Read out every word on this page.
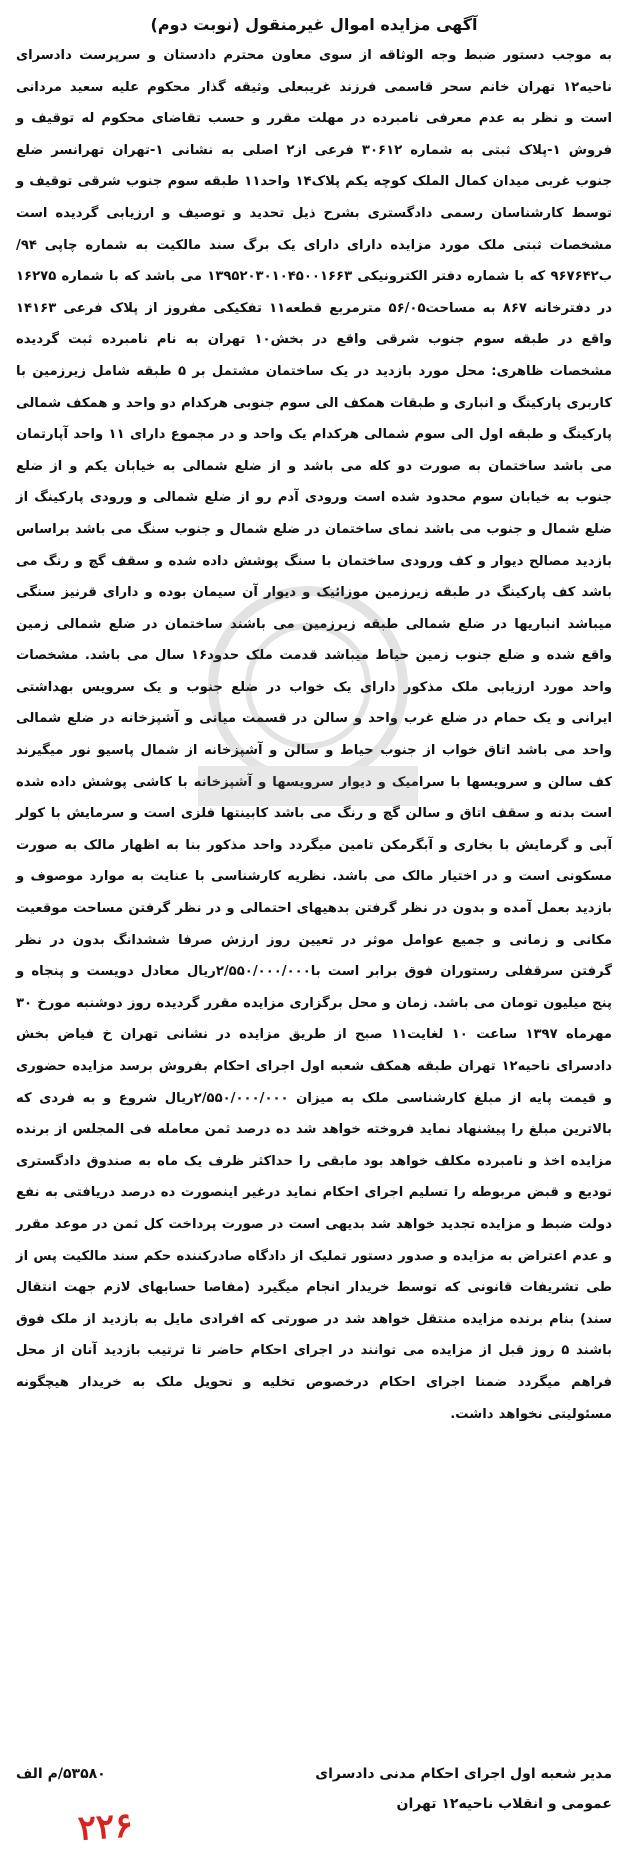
آگهی مزایده اموال غیرمنقول (نوبت دوم)

به موجب دستور ضبط وجه الوثاقه از سوی معاون محترم دادستان و سرپرست دادسرای ناحیه۱۲ تهران خانم سحر قاسمی فرزند غریبعلی وثیقه گذار محکوم علیه سعید مردانی است و نظر به عدم معرفی نامبرده در مهلت مقرر و حسب تقاضای محکوم له توقیف و فروش ۱-پلاک ثبتی به شماره ۳۰۶۱۲ فرعی از۲ اصلی به نشانی ۱-تهران تهرانسر ضلع جنوب غربی میدان کمال الملک کوچه یکم پلاک۱۴ واحد۱۱ طبقه سوم جنوب شرقی توقیف و توسط کارشناسان رسمی دادگستری بشرح ذیل تحدید و توصیف و ارزیابی گردیده است مشخصات ثبتی ملک مورد مزایده دارای دارای یک برگ سند مالکیت به شماره چاپی ۹۴/ب۹۶۷۶۴۲ که با شماره دفتر الکترونیکی ۱۳۹۵۲۰۳۰۱۰۴۵۰۰۱۶۶۳ می باشد که با شماره ۱۶۲۷۵ در دفترخانه ۸۶۷ به مساحت۵۶/۰۵ مترمربع قطعه۱۱ تفکیکی مفروز از پلاک فرعی ۱۴۱۶۳ واقع در طبقه سوم جنوب شرقی واقع در بخش۱۰ تهران به نام نامبرده ثبت گردیده مشخصات ظاهری: محل مورد بازدید در یک ساختمان مشتمل بر ۵ طبقه شامل زیرزمین با کاربری پارکینگ و انباری و طبقات همکف الی سوم جنوبی هرکدام دو واحد و همکف شمالی پارکینگ و طبقه اول الی سوم شمالی هرکدام یک واحد و در مجموع دارای ۱۱ واحد آپارتمان می باشد ساختمان به صورت دو کله می باشد و از ضلع شمالی به خیابان یکم و از ضلع جنوب به خیابان سوم محدود شده است ورودی آدم رو از ضلع شمالی و ورودی پارکینگ از ضلع شمال و جنوب می باشد نمای ساختمان در ضلع شمال و جنوب سنگ می باشد براساس بازدید مصالح دیوار و کف ورودی ساختمان با سنگ پوشش داده شده و سقف گچ و رنگ می باشد کف پارکینگ در طبقه زیرزمین موزائیک و دیوار آن سیمان بوده و دارای قرنیز سنگی میباشد انباریها در ضلع شمالی طبقه زیرزمین می باشند ساختمان در ضلع شمالی زمین واقع شده و ضلع جنوب زمین حیاط میباشد قدمت ملک حدود۱۶ سال می باشد. مشخصات واحد مورد ارزیابی ملک مذکور دارای یک خواب در ضلع جنوب و یک سرویس بهداشتی ایرانی و یک حمام در ضلع غرب واحد و سالن در قسمت میانی و آشپزخانه در ضلع شمالی واحد می باشد اتاق خواب از جنوب حیاط و سالن و آشپزخانه از شمال پاسیو نور میگیرند کف سالن و سرویسها با سرامیک و دیوار سرویسها و آشپزخانه با کاشی پوشش داده شده است بدنه و سقف اتاق و سالن گچ و رنگ می باشد کابینتها فلزی است و سرمایش با کولر آبی و گرمایش با بخاری و آبگرمکن تامین میگردد واحد مذکور بنا به اظهار مالک به صورت مسکونی است و در اختیار مالک می باشد. نظریه کارشناسی با عنایت به موارد موصوف و بازدید بعمل آمده و بدون در نظر گرفتن بدهیهای احتمالی و در نظر گرفتن مساحت موقعیت مکانی و زمانی و جمیع عوامل موثر در تعیین روز ارزش صرفا ششدانگ بدون در نظر گرفتن سرقفلی رستوران فوق برابر است با۲/۵۵۰/۰۰۰/۰۰۰ریال معادل دویست و پنجاه و پنج میلیون تومان می باشد. زمان و محل برگزاری مزایده مقرر گردیده روز دوشنبه مورخ ۳۰ مهرماه ۱۳۹۷ ساعت ۱۰ لغایت۱۱ صبح از طریق مزایده در نشانی تهران خ فیاض بخش دادسرای ناحیه۱۲ تهران طبقه همکف شعبه اول اجرای احکام بفروش برسد مزایده حضوری و قیمت پایه از مبلغ کارشناسی ملک به میزان ۲/۵۵۰/۰۰۰/۰۰۰ریال شروع و به فردی که بالاترین مبلغ را پیشنهاد نماید فروخته خواهد شد ده درصد ثمن معامله فی المجلس از برنده مزایده اخذ و نامبرده مکلف خواهد بود مابقی را حداکثر ظرف یک ماه به صندوق دادگستری تودیع و قبض مربوطه را تسلیم اجرای احکام نماید درغیر اینصورت ده درصد دریافتی به نفع دولت ضبط و مزایده تجدید خواهد شد بدیهی است در صورت پرداخت کل ثمن در موعد مقرر و عدم اعتراض به مزایده و صدور دستور تملیک از دادگاه صادرکننده حکم سند مالکیت پس از طی تشریفات قانونی که توسط خریدار انجام میگیرد (مفاصا حسابهای لازم جهت انتقال سند) بنام برنده مزایده منتقل خواهد شد در صورتی که افرادی مایل به بازدید از ملک فوق باشند ۵ روز قبل از مزایده می توانند در اجرای احکام حاضر تا ترتیب بازدید آنان از محل فراهم میگردد ضمنا اجرای احکام درخصوص تخلیه و تحویل ملک به خریدار هیچگونه مسئولیتی نخواهد داشت.

مدیر شعبه اول اجرای احکام مدنی دادسرای
۵۳۵۸۰/م الف
عمومی و انقلاب ناحیه۱۲ تهران
۲۲۶
